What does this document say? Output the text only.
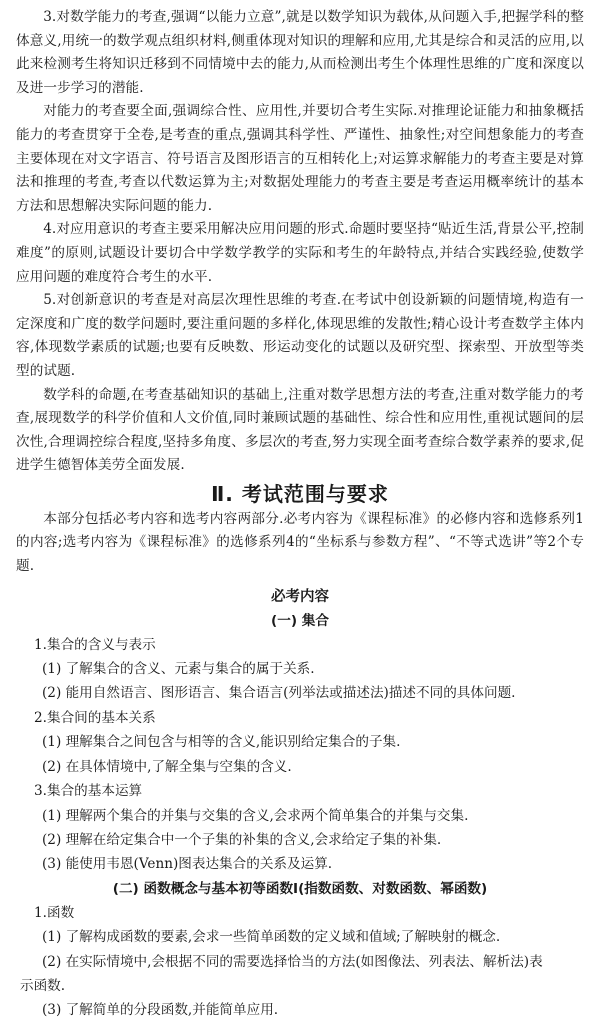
3.对数学能力的考查,强调“以能力立意”,就是以数学知识为载体,从问题入手,把握学科的整体意义,用统一的数学观点组织材料,侧重体现对知识的理解和应用,尤其是综合和灵活的应用,以此来检测考生将知识迁移到不同情境中去的能力,从而检测出考生个体理性思维的广度和深度以及进一步学习的潜能.

对能力的考查要全面,强调综合性、应用性,并要切合考生实际.对推理论证能力和抽象概括能力的考查贯穿于全卷,是考查的重点,强调其科学性、严谨性、抽象性;对空间想象能力的考查主要体现在对文字语言、符号语言及图形语言的互相转化上;对运算求解能力的考查主要是对算法和推理的考查,考查以代数运算为主;对数据处理能力的考查主要是考查运用概率统计的基本方法和思想解决实际问题的能力.

4.对应用意识的考查主要采用解决应用问题的形式.命题时要坚持“贴近生活,背景公平,控制难度”的原则,试题设计要切合中学数学教学的实际和考生的年龄特点,并结合实践经验,使数学应用问题的难度符合考生的水平.

5.对创新意识的考查是对高层次理性思维的考查.在考试中创设新颖的问题情境,构造有一定深度和广度的数学问题时,要注重问题的多样化,体现思维的发散性;精心设计考查数学主体内容,体现数学素质的试题;也要有反映数、形运动变化的试题以及研究型、探索型、开放型等类型的试题.

数学科的命题,在考查基础知识的基础上,注重对数学思想方法的考查,注重对数学能力的考查,展现数学的科学价值和人文价值,同时兼顾试题的基础性、综合性和应用性,重视试题间的层次性,合理调控综合程度,坚持多角度、多层次的考查,努力实现全面考查综合数学素养的要求,促进学生德智体美劳全面发展.

Ⅱ. 考试范围与要求

本部分包括必考内容和选考内容两部分.必考内容为《课程标准》的必修内容和选修系列1的内容;选考内容为《课程标准》的选修系列4的“坐标系与参数方程”、“不等式选讲”等2个专题.

必考内容
(一) 集合

1.集合的含义与表示

(1) 了解集合的含义、元素与集合的属于关系.

(2) 能用自然语言、图形语言、集合语言(列举法或描述法)描述不同的具体问题.

2.集合间的基本关系

(1) 理解集合之间包含与相等的含义,能识别给定集合的子集.

(2) 在具体情境中,了解全集与空集的含义.

3.集合的基本运算

(1) 理解两个集合的并集与交集的含义,会求两个简单集合的并集与交集.

(2) 理解在给定集合中一个子集的补集的含义,会求给定子集的补集.

(3) 能使用韦恩(Venn)图表达集合的关系及运算.

(二) 函数概念与基本初等函数Ⅰ(指数函数、对数函数、幂函数)

1.函数

(1) 了解构成函数的要素,会求一些简单函数的定义域和值域;了解映射的概念.

(2) 在实际情境中,会根据不同的需要选择恰当的方法(如图像法、列表法、解析法)表

示函数.

(3) 了解简单的分段函数,并能简单应用.
